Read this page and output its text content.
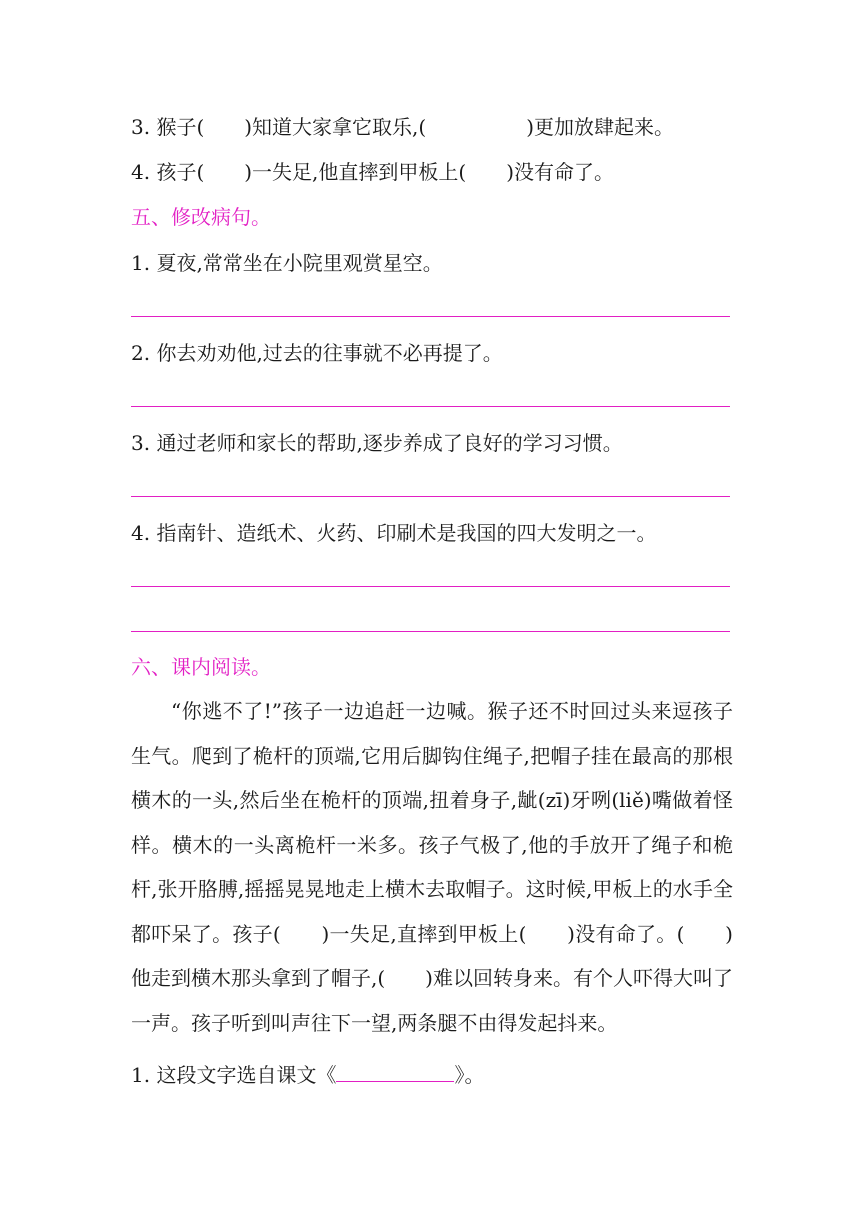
3. 猴子(　　)知道大家拿它取乐,(　　　　　)更加放肆起来。
4. 孩子(　　)一失足,他直摔到甲板上(　　)没有命了。
五、修改病句。
1. 夏夜,常常坐在小院里观赏星空。
2. 你去劝劝他,过去的往事就不必再提了。
3. 通过老师和家长的帮助,逐步养成了良好的学习习惯。
4. 指南针、造纸术、火药、印刷术是我国的四大发明之一。
六、课内阅读。

“你逃不了!”孩子一边追赶一边喊。猴子还不时回过头来逗孩子生气。爬到了桅杆的顶端,它用后脚钩住绳子,把帽子挂在最高的那根横木的一头,然后坐在桅杆的顶端,扭着身子,龇(zī)牙咧(liě)嘴做着怪样。横木的一头离桅杆一米多。孩子气极了,他的手放开了绳子和桅杆,张开胳膊,摇摇晃晃地走上横木去取帽子。这时候,甲板上的水手全都吓呆了。孩子(　　)一失足,直摔到甲板上(　　)没有命了。(　　)他走到横木那头拿到了帽子,(　　)难以回转身来。有个人吓得大叫了一声。孩子听到叫声往下一望,两条腿不由得发起抖来。

1. 这段文字选自课文《	》。
